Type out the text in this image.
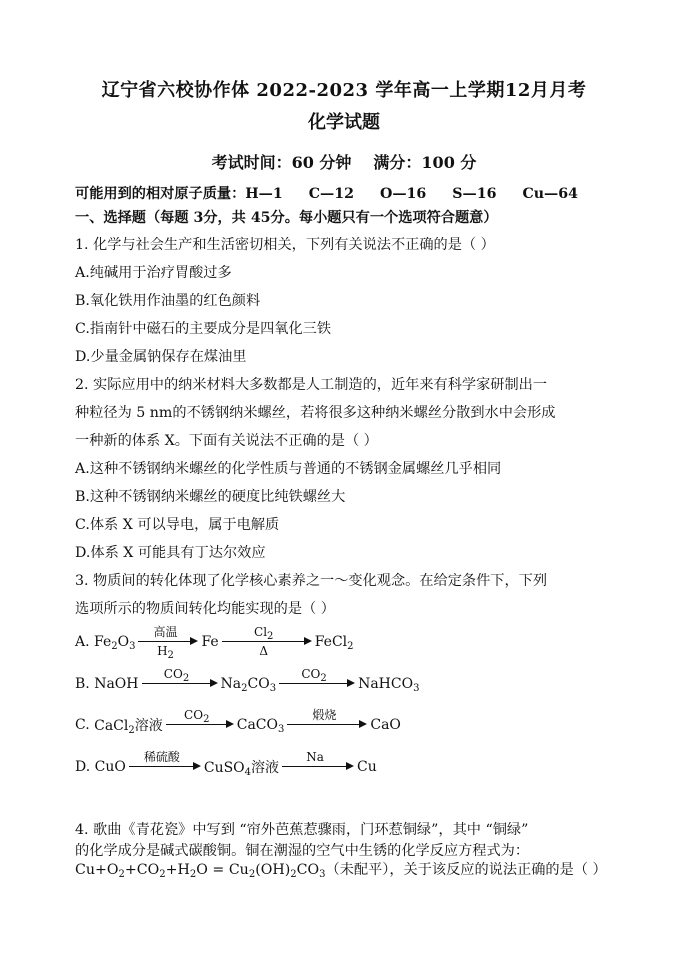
辽宁省六校协作体 2022-2023 学年高一上学期12月月考
化学试题
考试时间：60 分钟 满分：100 分
可能用到的相对原子质量：H—1 C—12 O—16 S—16 Cu—64
一、选择题（每题 3分，共 45分。每小题只有一个选项符合题意）
1. 化学与社会生产和生活密切相关，下列有关说法不正确的是（ ）
A.纯碱用于治疗胃酸过多
B.氧化铁用作油墨的红色颜料
C.指南针中磁石的主要成分是四氧化三铁
D.少量金属钠保存在煤油里
2. 实际应用中的纳米材料大多数都是人工制造的，近年来有科学家研制出一
种粒径为 5 nm的不锈钢纳米螺丝，若将很多这种纳米螺丝分散到水中会形成
一种新的体系 X。下面有关说法不正确的是（ ）
A.这种不锈钢纳米螺丝的化学性质与普通的不锈钢金属螺丝几乎相同
B.这种不锈钢纳米螺丝的硬度比纯铁螺丝大
C.体系 X 可以导电，属于电解质
D.体系 X 可能具有丁达尔效应
3. 物质间的转化体现了化学核心素养之一～变化观念。在给定条件下，下列
选项所示的物质间转化均能实现的是（ ）
A.
$Fe_2O_3$
高温
$H_2$
Fe
$Cl_2$
Δ
FeCl$_2$
B.
NaOH
$CO_2$	$Na_2CO_3$
$CO_2$	NaHCO$_3$
C.
CaCl$_2$溶液
$CO_2$	CaCO$_3$
煅烧
CaO
D.
CuO
稀硫酸
CuSO$_4$溶液
Na
Cu
4. 歌曲《青花瓷》中写到 “帘外芭蕉惹骤雨，门环惹铜绿”，其中 “铜绿”
的化学成分是碱式碳酸铜。铜在潮湿的空气中生锈的化学反应方程式为：
$Cu+O_2+CO_2+H_2O = Cu_2(OH)_2CO_3$（未配平），关于该反应的说法正确的是（ ）
